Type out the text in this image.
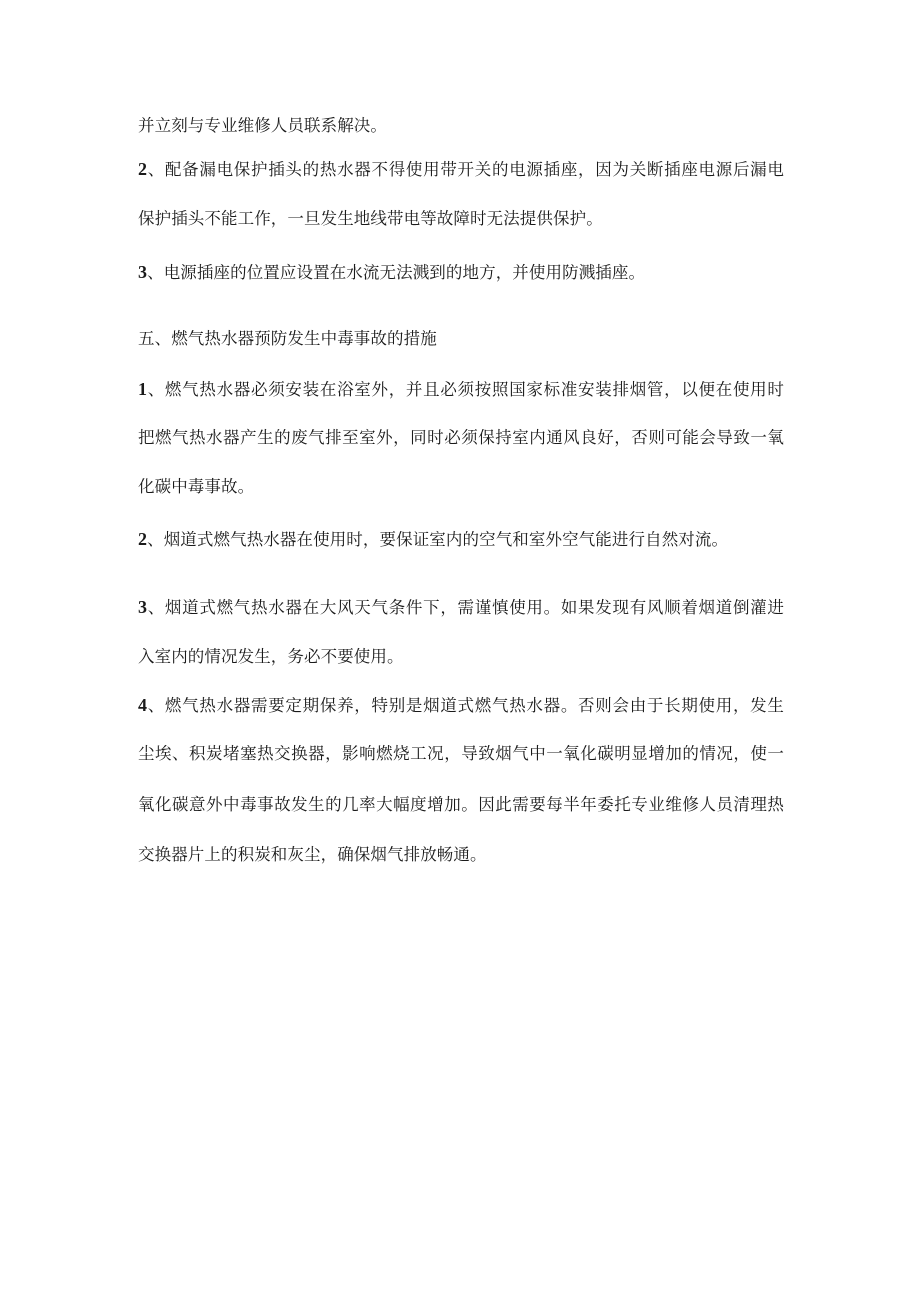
并立刻与专业维修人员联系解决。
2、配备漏电保护插头的热水器不得使用带开关的电源插座，因为关断插座电源后漏电
保护插头不能工作，一旦发生地线带电等故障时无法提供保护。
3、电源插座的位置应设置在水流无法溅到的地方，并使用防溅插座。
五、燃气热水器预防发生中毒事故的措施
1、燃气热水器必须安装在浴室外，并且必须按照国家标准安装排烟管，以便在使用时
把燃气热水器产生的废气排至室外，同时必须保持室内通风良好，否则可能会导致一氧
化碳中毒事故。
2、烟道式燃气热水器在使用时，要保证室内的空气和室外空气能进行自然对流。
3、烟道式燃气热水器在大风天气条件下，需谨慎使用。如果发现有风顺着烟道倒灌进
入室内的情况发生，务必不要使用。
4、燃气热水器需要定期保养，特别是烟道式燃气热水器。否则会由于长期使用，发生
尘埃、积炭堵塞热交换器，影响燃烧工况，导致烟气中一氧化碳明显增加的情况，使一
氧化碳意外中毒事故发生的几率大幅度增加。因此需要每半年委托专业维修人员清理热
交换器片上的积炭和灰尘，确保烟气排放畅通。
